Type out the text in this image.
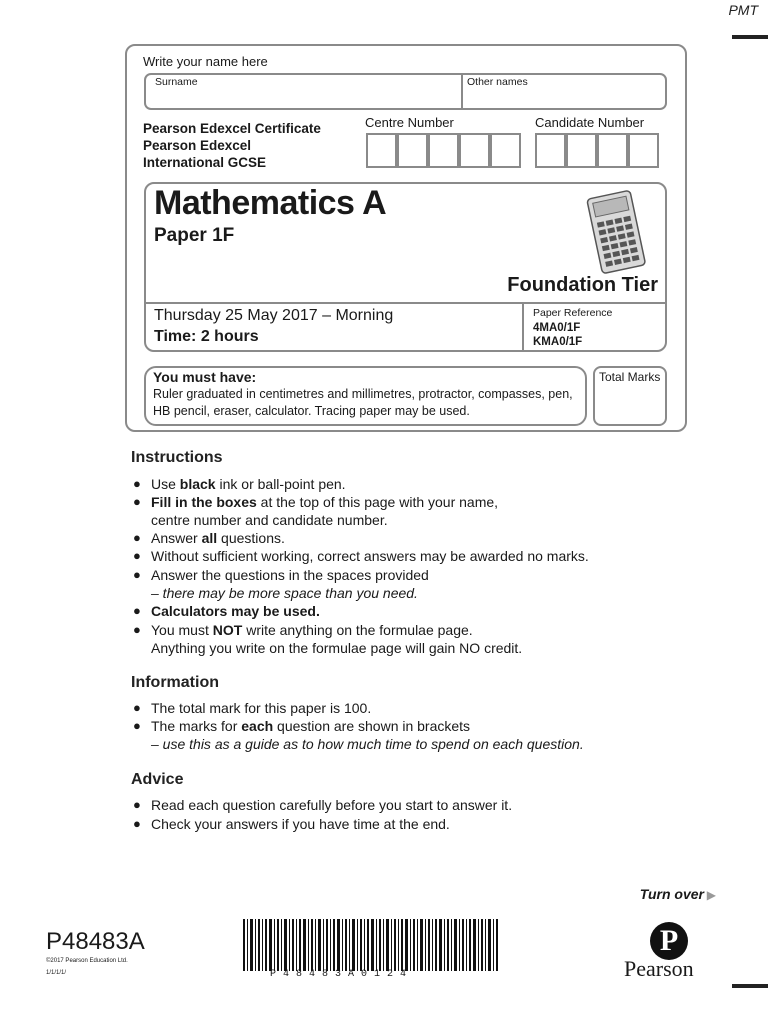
PMT
Write your name here
Surname	Other names
Pearson Edexcel Certificate
Pearson Edexcel
International GCSE
Centre Number	Candidate Number
Mathematics A
Paper 1F
Foundation Tier
Thursday 25 May 2017 – Morning
Time: 2 hours
Paper Reference
4MA0/1F
KMA0/1F
You must have:
Ruler graduated in centimetres and millimetres, protractor, compasses, pen, HB pencil, eraser, calculator. Tracing paper may be used.
Total Marks
Instructions
● Use black ink or ball-point pen.
● Fill in the boxes at the top of this page with your name,
centre number and candidate number.
● Answer all questions.
● Without sufficient working, correct answers may be awarded no marks.
● Answer the questions in the spaces provided
– there may be more space than you need.
● Calculators may be used.
● You must NOT write anything on the formulae page.
Anything you write on the formulae page will gain NO credit.
Information
● The total mark for this paper is 100.
● The marks for each question are shown in brackets
– use this as a guide as to how much time to spend on each question.
Advice
● Read each question carefully before you start to answer it.
● Check your answers if you have time at the end.
Turn over ▶
P48483A
©2017 Pearson Education Ltd.
1/1/1/1/	P48483A0124
P
Pearson
